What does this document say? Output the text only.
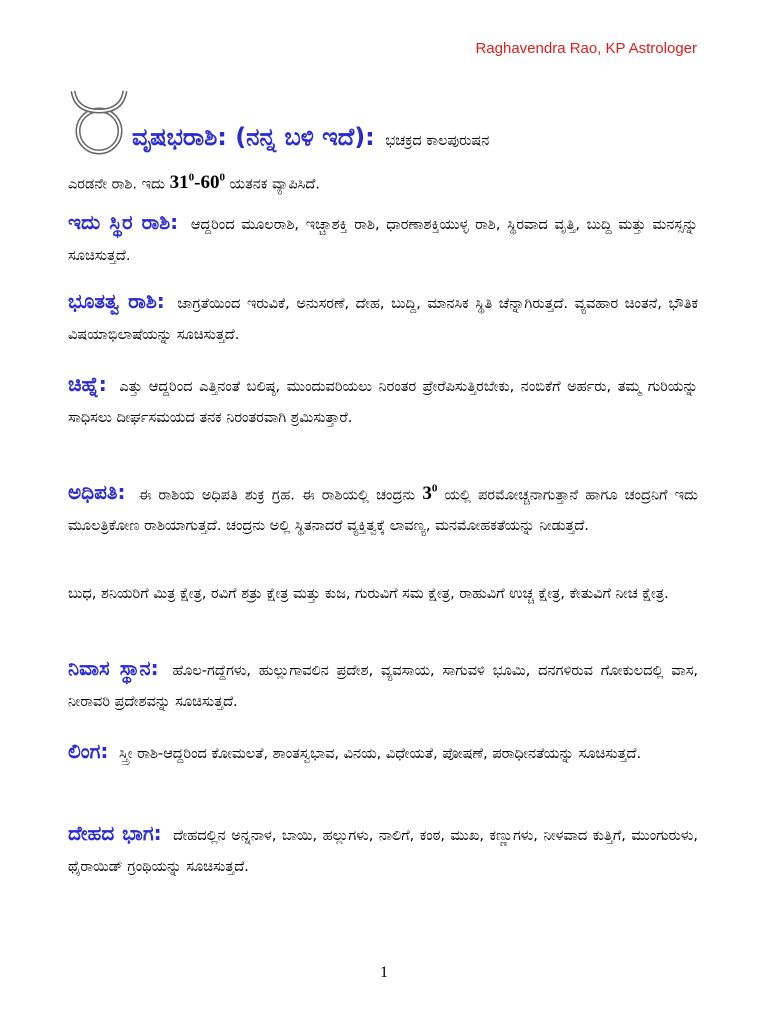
Raghavendra Rao, KP Astrologer
ವೃಷಭರಾಶಿ: (ನನ್ನ ಬಳಿ ಇದೆ): ಭಚಕ್ರದ ಕಾಲಪುರುಷನ
ಎರಡನೇ ರಾಶಿ. ಇದು $31^0-60^0$ ಯತನಕ ವ್ಯಾಪಿಸಿದೆ.
ಇದು ಸ್ಥಿರ ರಾಶಿ: ಆದ್ದರಿಂದ ಮೂಲರಾಶಿ, ಇಚ್ಚಾಶಕ್ತಿ ರಾಶಿ, ಧಾರಣಾಶಕ್ತಿಯುಳ್ಳ ರಾಶಿ, ಸ್ಥಿರವಾದ ವೃತ್ತಿ, ಬುದ್ದಿ ಮತ್ತು ಮನಸ್ಸನ್ನು ಸೂಚಿಸುತ್ತದೆ.
ಭೂತತ್ವ ರಾಶಿ: ಜಾಗ್ರತೆಯಿಂದ ಇರುವಿಕೆ, ಅನುಸರಣೆ, ದೇಹ, ಬುದ್ದಿ, ಮಾನಸಿಕ ಸ್ಥಿತಿ ಚೆನ್ನಾಗಿರುತ್ತದೆ. ವ್ಯವಹಾರ ಚಿಂತನೆ, ಭೌತಿಕ ವಿಷಯಾಭಿಲಾಷೆಯನ್ನು ಸೂಚಿಸುತ್ತದೆ.
ಚಿಹ್ನೆ: ಎತ್ತು ಆದ್ದರಿಂದ ಎತ್ತಿನಂತೆ ಬಲಿಷ್ಠ, ಮುಂದುವರಿಯಲು ನಿರಂತರ ಪ್ರೇರೆಪಿಸುತ್ತಿರಬೇಕು, ನಂಬಿಕೆಗೆ ಅರ್ಹರು, ತಮ್ಮ ಗುರಿಯನ್ನು ಸಾಧಿಸಲು ದೀರ್ಘಸಮಯದ ತನಕ ನಿರಂತರವಾಗಿ ಶ್ರಮಿಸುತ್ತಾರೆ.
ಅಧಿಪತಿ: ಈ ರಾಶಿಯ ಅಧಿಪತಿ ಶುಕ್ರ ಗ್ರಹ. ಈ ರಾಶಿಯಲ್ಲಿ ಚಂದ್ರನು $3^0$ ಯಲ್ಲಿ ಪರಮೋಚ್ಚನಾಗುತ್ತಾನೆ ಹಾಗೂ ಚಂದ್ರನಿಗೆ ಇದು ಮೂಲತ್ರಿಕೋಣ ರಾಶಿಯಾಗುತ್ತದೆ. ಚಂದ್ರನು ಅಲ್ಲಿ ಸ್ಥಿತನಾದರೆ ವ್ಯಕ್ತಿತ್ವಕ್ಕೆ ಲಾವಣ್ಯ, ಮನಮೋಹಕತೆಯನ್ನು ನೀಡುತ್ತದೆ.
ಬುಧ, ಶನಿಯರಿಗೆ ಮಿತ್ರ ಕ್ಷೇತ್ರ, ರವಿಗೆ ಶತ್ರು ಕ್ಷೇತ್ರ ಮತ್ತು ಕುಜ, ಗುರುವಿಗೆ ಸಮ ಕ್ಷೇತ್ರ, ರಾಹುವಿಗೆ ಉಚ್ಚ ಕ್ಷೇತ್ರ, ಕೇತುವಿಗೆ ನೀಚ ಕ್ಷೇತ್ರ.
ನಿವಾಸ ಸ್ಥಾನ: ಹೊಲ-ಗದ್ದೆಗಳು, ಹುಲ್ಲುಗಾವಲಿನ ಪ್ರದೇಶ, ವ್ಯವಸಾಯ, ಸಾಗುವಳಿ ಭೂಮಿ, ದನಗಳಿರುವ ಗೋಕುಲದಲ್ಲಿ ವಾಸ, ನೀರಾವರಿ ಪ್ರದೇಶವನ್ನು ಸೂಚಿಸುತ್ತದೆ.
ಲಿಂಗ: ಸ್ತ್ರೀ ರಾಶಿ-ಆದ್ದರಿಂದ ಕೋಮಲತೆ, ಶಾಂತಸ್ವಭಾವ, ವಿನಯ, ವಿಧೇಯತೆ, ಪೋಷಣೆ, ಪರಾಧೀನತೆಯನ್ನು ಸೂಚಿಸುತ್ತದೆ.
ದೇಹದ ಭಾಗ: ದೇಹದಲ್ಲಿನ ಅನ್ನನಾಳ, ಬಾಯಿ, ಹಲ್ಲುಗಳು, ನಾಲಿಗೆ, ಕಂಠ, ಮುಖ, ಕಣ್ಣುಗಳು, ನೀಳವಾದ ಕುತ್ತಿಗೆ, ಮುಂಗುರುಳು, ಥೈರಾಯಿಡ್ ಗ್ರಂಥಿಯನ್ನು ಸೂಚಿಸುತ್ತದೆ.
1
